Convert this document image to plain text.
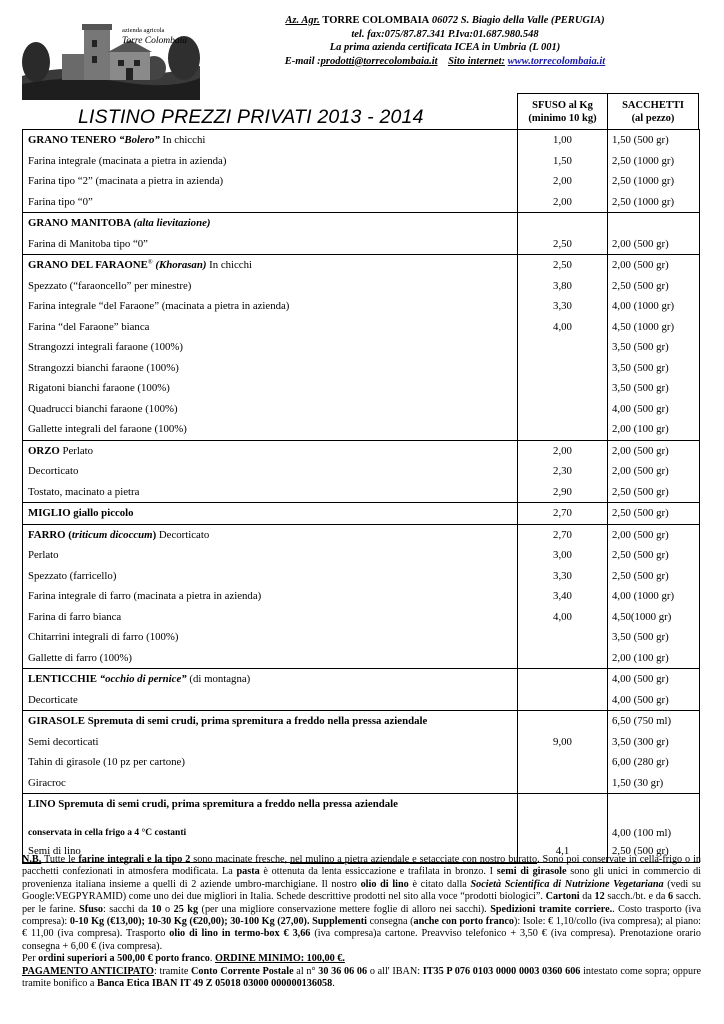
azienda agricola
Torre Colombaia
Az. Agr. TORRE COLOMBAIA 06072 S. Biagio della Valle (PERUGIA)
tel. fax:075/87.87.341 P.Iva:01.687.980.548
La prima azienda certificata ICEA in Umbria (L 001)
E-mail :prodotti@torrecolombaia.it Sito internet: www.torrecolombaia.it
LISTINO PREZZI PRIVATI 2013 - 2014
SFUSO al Kg
(minimo 10 kg)
SACCHETTI
(al pezzo)
GRANO TENERO “Bolero” In chicchi	1,00	1,50 (500 gr)
Farina integrale (macinata a pietra in azienda)	1,50	2,50 (1000 gr)
Farina tipo “2” (macinata a pietra in azienda)	2,00	2,50 (1000 gr)
Farina tipo “0”	2,00	2,50 (1000 gr)
GRANO MANITOBA (alta lievitazione)		
Farina di Manitoba tipo “0”	2,50	2,00 (500 gr)
GRANO DEL FARAONE® (Khorasan) In chicchi	2,50	2,00 (500 gr)
Spezzato (“faraoncello” per minestre)	3,80	2,50 (500 gr)
Farina integrale “del Faraone” (macinata a pietra in azienda)	3,30	4,00 (1000 gr)
Farina “del Faraone” bianca	4,00	4,50 (1000 gr)
Strangozzi integrali faraone (100%)		3,50 (500 gr)
Strangozzi bianchi faraone (100%)		3,50 (500 gr)
Rigatoni bianchi faraone (100%)		3,50 (500 gr)
Quadrucci bianchi faraone (100%)		4,00 (500 gr)
Gallette integrali del faraone (100%)		2,00 (100 gr)
ORZO Perlato	2,00	2,00 (500 gr)
Decorticato	2,30	2,00 (500 gr)
Tostato, macinato a pietra	2,90	2,50 (500 gr)
MIGLIO giallo piccolo	2,70	2,50 (500 gr)
FARRO (triticum dicoccum) Decorticato	2,70	2,00 (500 gr)
Perlato	3,00	2,50 (500 gr)
Spezzato (farricello)	3,30	2,50 (500 gr)
Farina integrale di farro (macinata a pietra in azienda)	3,40	4,00 (1000 gr)
Farina di farro bianca	4,00	4,50(1000 gr)
Chitarrini integrali di farro (100%)		3,50 (500 gr)
Gallette di farro (100%)		2,00 (100 gr)
LENTICCHIE “occhio di pernice” (di montagna)		4,00 (500 gr)
Decorticate		4,00 (500 gr)
GIRASOLE Spremuta di semi crudi, prima spremitura a freddo nella pressa aziendale		6,50 (750 ml)
Semi decorticati	9,00	3,50 (300 gr)
Tahin di girasole (10 pz per cartone)		6,00 (280 gr)
Giracroc		1,50 (30 gr)
LINO Spremuta di semi crudi, prima spremitura a freddo nella pressa aziendale		
conservata in cella frigo a 4 °C costanti		4,00 (100 ml)
Semi di lino	4,1	2,50 (500 gr)

N.B. Tutte le farine integrali e la tipo 2 sono macinate fresche, nel mulino a pietra aziendale e setacciate con nostro buratto. Sono poi conservate in cella-frigo o in pacchetti confezionati in atmosfera modificata. La pasta è ottenuta da lenta essiccazione e trafilata in bronzo. I semi di girasole sono gli unici in commercio di provenienza italiana insieme a quelli di 2 aziende umbro-marchigiane. Il nostro olio di lino è citato dalla Società Scientifica di Nutrizione Vegetariana (vedi su Google:VEGPYRAMID) come uno dei due migliori in Italia. Schede descrittive prodotti nel sito alla voce “prodotti biologici”. Cartoni da 12 sacch./bt. e da 6 sacch. per le farine. Sfuso: sacchi da 10 o 25 kg (per una migliore conservazione mettere foglie di alloro nei sacchi). Spedizioni tramite corriere.. Costo trasporto (iva compresa): 0-10 Kg (€13,00); 10-30 Kg (€20,00); 30-100 Kg (27,00). Supplementi consegna (anche con porto franco): Isole: € 1,10/collo (iva compresa); al piano: € 11,00 (iva compresa). Trasporto olio di lino in termo-box € 3,66 (iva compresa)a cartone. Preavviso telefonico + 3,50 € (iva compresa). Prenotazione orario consegna + 6,00 € (iva compresa).

Per ordini superiori a 500,00 € porto franco. ORDINE MINIMO: 100,00 €.

PAGAMENTO ANTICIPATO: tramite Conto Corrente Postale al n° 30 36 06 06 o all' IBAN: IT35 P 076 0103 0000 0003 0360 606 intestato come sopra; oppure tramite bonifico a Banca Etica IBAN IT 49 Z 05018 03000 000000136058.
